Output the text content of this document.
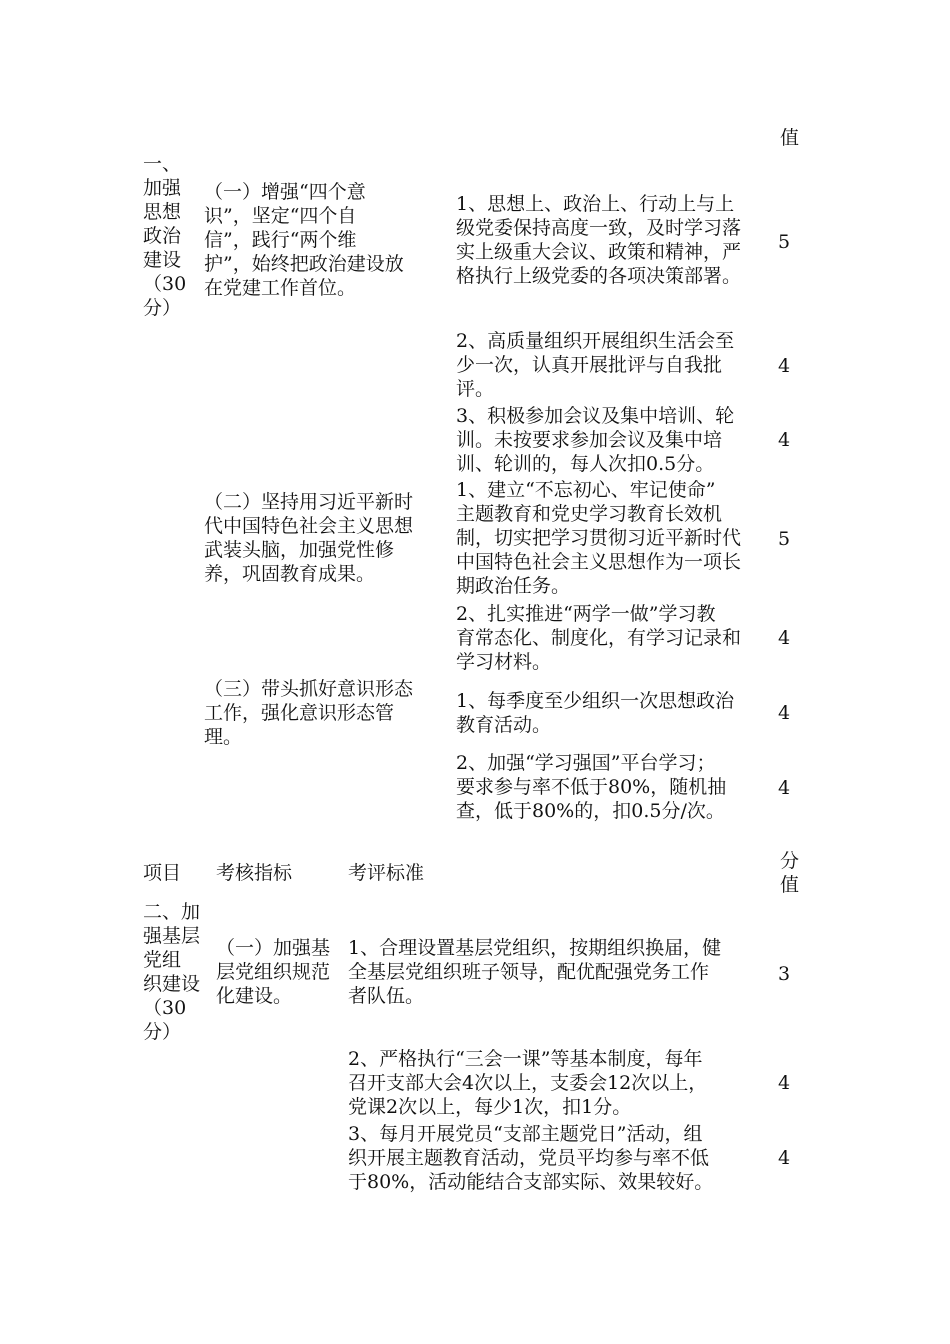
值
一、
加强
思想
政治
建设
（30
分）
（一）增强“四个意
识”，坚定“四个自
信”，践行“两个维
护”，始终把政治建设放
在党建工作首位。
（二）坚持用习近平新时
代中国特色社会主义思想
武装头脑，加强党性修
养，巩固教育成果。
（三）带头抓好意识形态
工作，强化意识形态管
理。
1、思想上、政治上、行动上与上
级党委保持高度一致，及时学习落
实上级重大会议、政策和精神，严
格执行上级党委的各项决策部署。
5
2、高质量组织开展组织生活会至
少一次，认真开展批评与自我批
评。
4
3、积极参加会议及集中培训、轮
训。未按要求参加会议及集中培
训、轮训的，每人次扣0.5分。
4
1、建立“不忘初心、牢记使命”
主题教育和党史学习教育长效机
制，切实把学习贯彻习近平新时代
中国特色社会主义思想作为一项长
期政治任务。
5
2、扎实推进“两学一做”学习教
育常态化、制度化，有学习记录和
学习材料。
4
1、每季度至少组织一次思想政治
教育活动。
4
2、加强“学习强国”平台学习；
要求参与率不低于80%，随机抽
查，低于80%的，扣0.5分/次。
4
项目 考核指标	考评标准
分
值
二、加
强基层
党组
织建设
（30
分）
（一）加强基
层党组织规范
化建设。
1、合理设置基层党组织，按期组织换届，健
全基层党组织班子领导，配优配强党务工作
者队伍。
3
2、严格执行“三会一课”等基本制度，每年
召开支部大会4次以上，支委会12次以上，
党课2次以上，每少1次，扣1分。
4
3、每月开展党员“支部主题党日”活动，组
织开展主题教育活动，党员平均参与率不低
于80%，活动能结合支部实际、效果较好。
4
